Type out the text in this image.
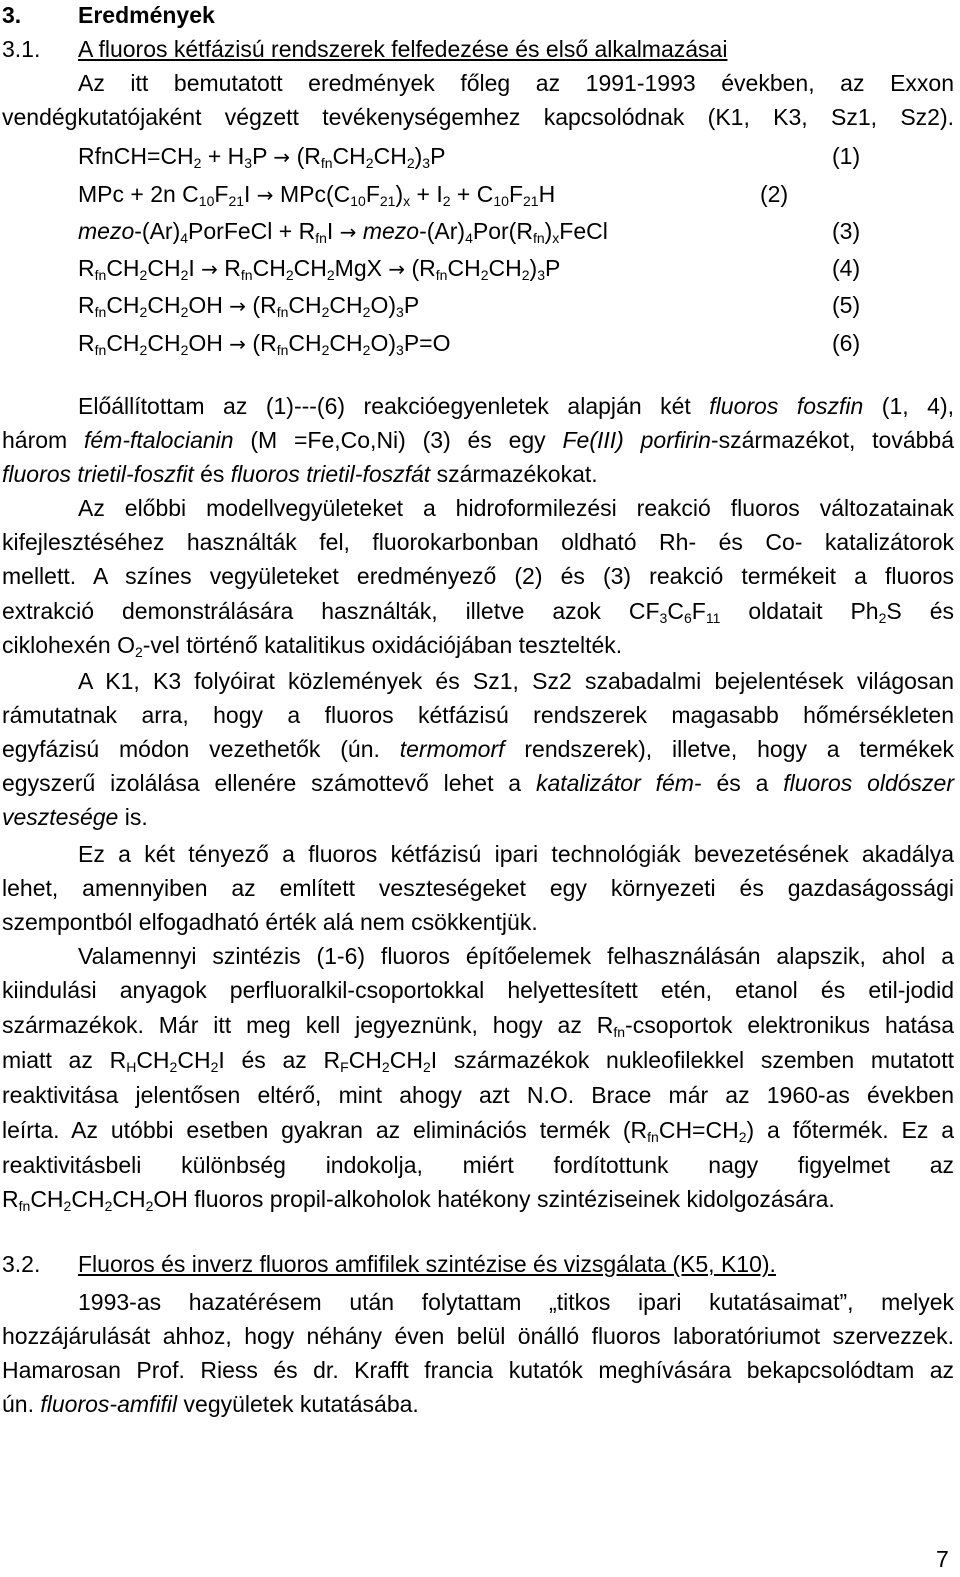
3. Eredmények
3.1. A fluoros kétfázisú rendszerek felfedezése és első alkalmazásai
Az itt bemutatott eredmények főleg az 1991-1993 években, az Exxon
vendégkutatójaként végzett tevékenységemhez kapcsolódnak (K1, K3, Sz1, Sz2).
$RfnCH=CH_2 + H_3P \to (R_{fn}CH_2CH_2)_3P$	(1)
MPc + 2n $C_{10}F_{21}I \to MPc(C_{10}F_{21})_x + I_2 + C_{10}F_{21}H$	(2)
mezo-$(Ar)_4PorFeCl + R_{fn}I$ → mezo-$(Ar)_4Por(R_{fn})_xFeCl$	(3)
$R_{fn}CH_2CH_2I \to R_{fn}CH_2CH_2MgX \to (R_{fn}CH_2CH_2)_3P$	(4)
$R_{fn}CH_2CH_2OH \to (R_{fn}CH_2CH_2O)_3P$	(5)
$R_{fn}CH_2CH_2OH \to (R_{fn}CH_2CH_2O)_3P=O$	(6)
Előállítottam az (1)---(6) reakcióegyenletek alapján két fluoros foszfin (1, 4),
három fém-ftalocianin (M =Fe,Co,Ni) (3) és egy Fe(III) porfirin-származékot, továbbá
fluoros trietil-foszfit és fluoros trietil-foszfát származékokat.
Az előbbi modellvegyületeket a hidroformilezési reakció fluoros változatainak
kifejlesztéséhez használták fel, fluorokarbonban oldható Rh- és Co- katalizátorok
mellett. A színes vegyületeket eredményező (2) és (3) reakció termékeit a fluoros
extrakció demonstrálására használták, illetve azok $CF_3C_6F_{11}$ oldatait $Ph_2S$ és
ciklohexén $O_2$-vel történő katalitikus oxidációjában tesztelték.
A K1, K3 folyóirat közlemények és Sz1, Sz2 szabadalmi bejelentések világosan
rámutatnak arra, hogy a fluoros kétfázisú rendszerek magasabb hőmérsékleten
egyfázisú módon vezethetők (ún. termomorf rendszerek), illetve, hogy a termékek
egyszerű izolálása ellenére számottevő lehet a katalizátor fém- és a fluoros oldószer
vesztesége is.
Ez a két tényező a fluoros kétfázisú ipari technológiák bevezetésének akadálya
lehet, amennyiben az említett veszteségeket egy környezeti és gazdaságossági
szempontból elfogadható érték alá nem csökkentjük.
Valamennyi szintézis (1-6) fluoros építőelemek felhasználásán alapszik, ahol a
kiindulási anyagok perfluoralkil-csoportokkal helyettesített etén, etanol és etil-jodid
származékok. Már itt meg kell jegyeznünk, hogy az $R_{fn}$-csoportok elektronikus hatása
miatt az $R_HCH_2CH_2I$ és az $R_FCH_2CH_2I$ származékok nukleofilekkel szemben mutatott
reaktivitása jelentősen eltérő, mint ahogy azt N.O. Brace már az 1960-as években
leírta. Az utóbbi esetben gyakran az eliminációs termék $(R_{fn}CH=CH_2)$ a főtermék. Ez a
reaktivitásbeli különbség indokolja, miért fordítottunk nagy figyelmet az
$R_{fn}CH_2CH_2CH_2OH$ fluoros propil-alkoholok hatékony szintéziseinek kidolgozására.
3.2. Fluoros és inverz fluoros amfifilek szintézise és vizsgálata (K5, K10).
1993-as hazatérésem után folytattam „titkos ipari kutatásaimat”, melyek
hozzájárulását ahhoz, hogy néhány éven belül önálló fluoros laboratóriumot szervezzek.
Hamarosan Prof. Riess és dr. Krafft francia kutatók meghívására bekapcsolódtam az
ún. fluoros-amfifil vegyületek kutatásába.
7
